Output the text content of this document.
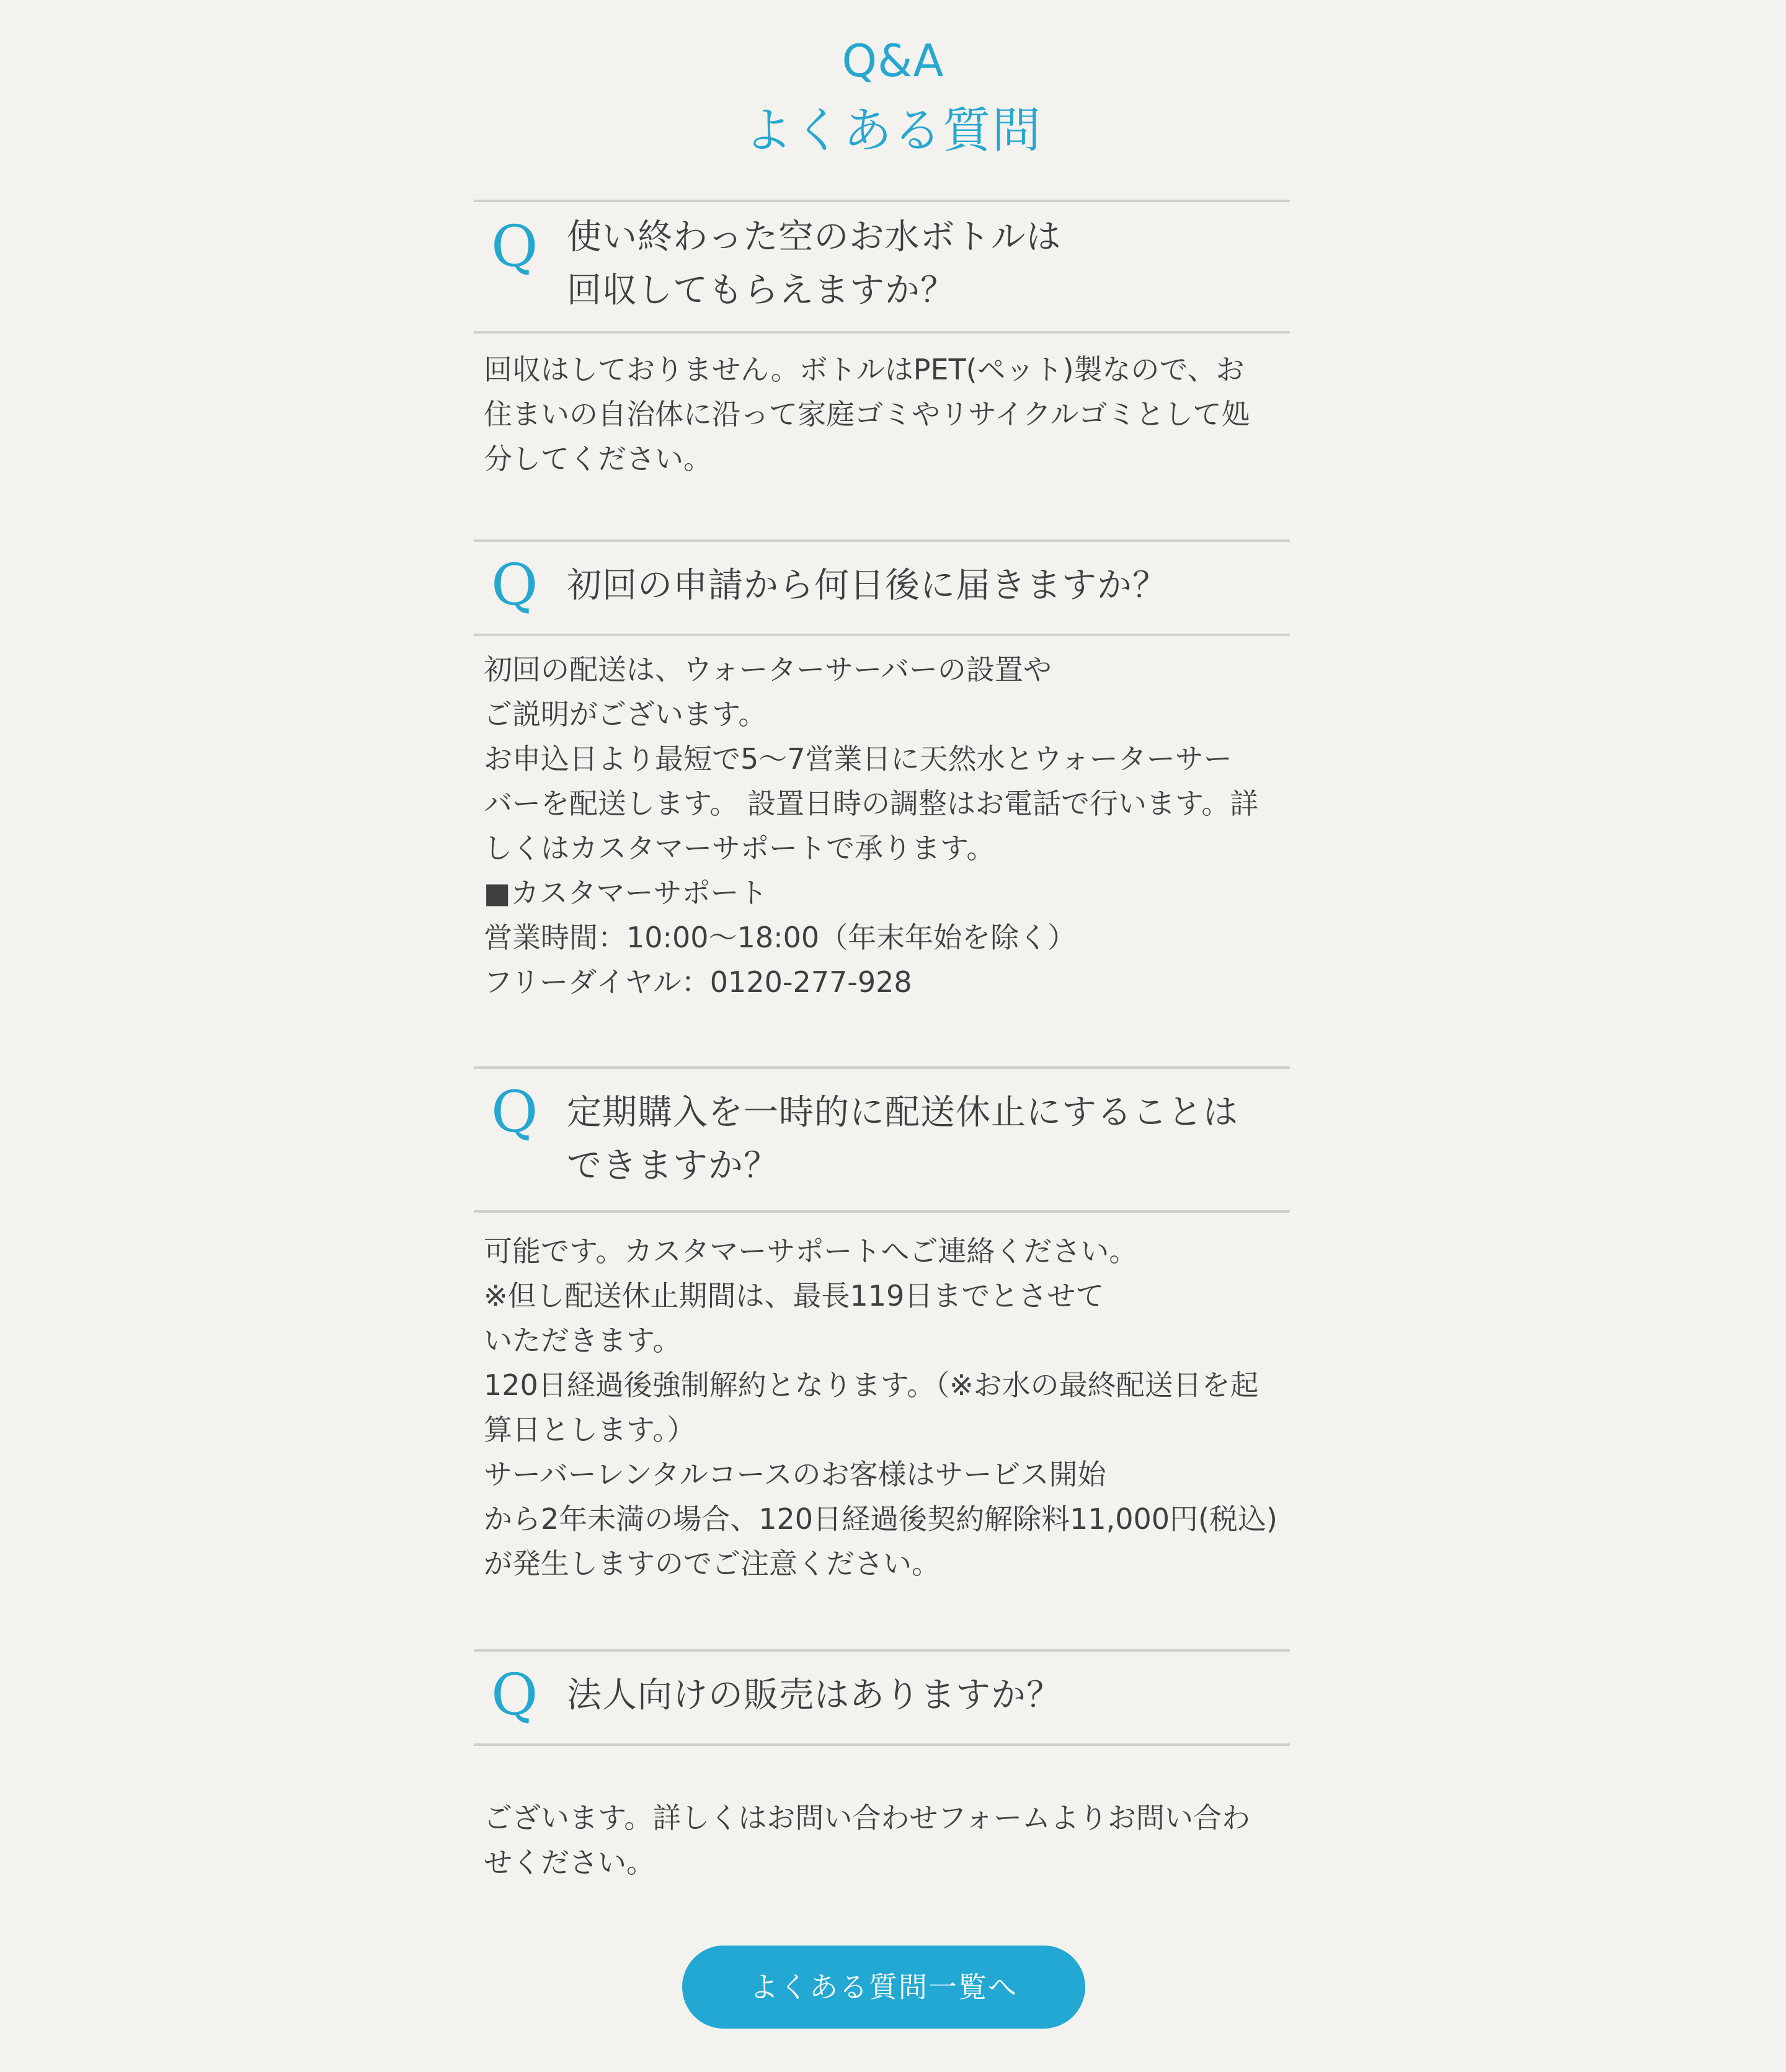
Q&A
よくある質問
Q 使い終わった空のお水ボトルは
回収してもらえますか？
回収はしておりません。ボトルはPET(ペット)製なので、お
住まいの自治体に沿って家庭ゴミやリサイクルゴミとして処
分してください。
Q 初回の申請から何日後に届きますか？
初回の配送は、ウォーターサーバーの設置や
ご説明がございます。
お申込日より最短で5〜7営業日に天然水とウォーターサー
バーを配送します。 設置日時の調整はお電話で行います。詳
しくはカスタマーサポートで承ります。
■カスタマーサポート
営業時間：10:00〜18:00（年末年始を除く）
フリーダイヤル：0120-277-928
Q 定期購入を一時的に配送休止にすることは
できますか？
可能です。カスタマーサポートへご連絡ください。
※但し配送休止期間は、最長119日までとさせて
いただきます。
120日経過後強制解約となります。（※お水の最終配送日を起
算日とします。）
サーバーレンタルコースのお客様はサービス開始
から2年未満の場合、120日経過後契約解除料11,000円(税込)
が発生しますのでご注意ください。
Q 法人向けの販売はありますか？
ございます。詳しくはお問い合わせフォームよりお問い合わ
せください。
よくある質問一覧へ
